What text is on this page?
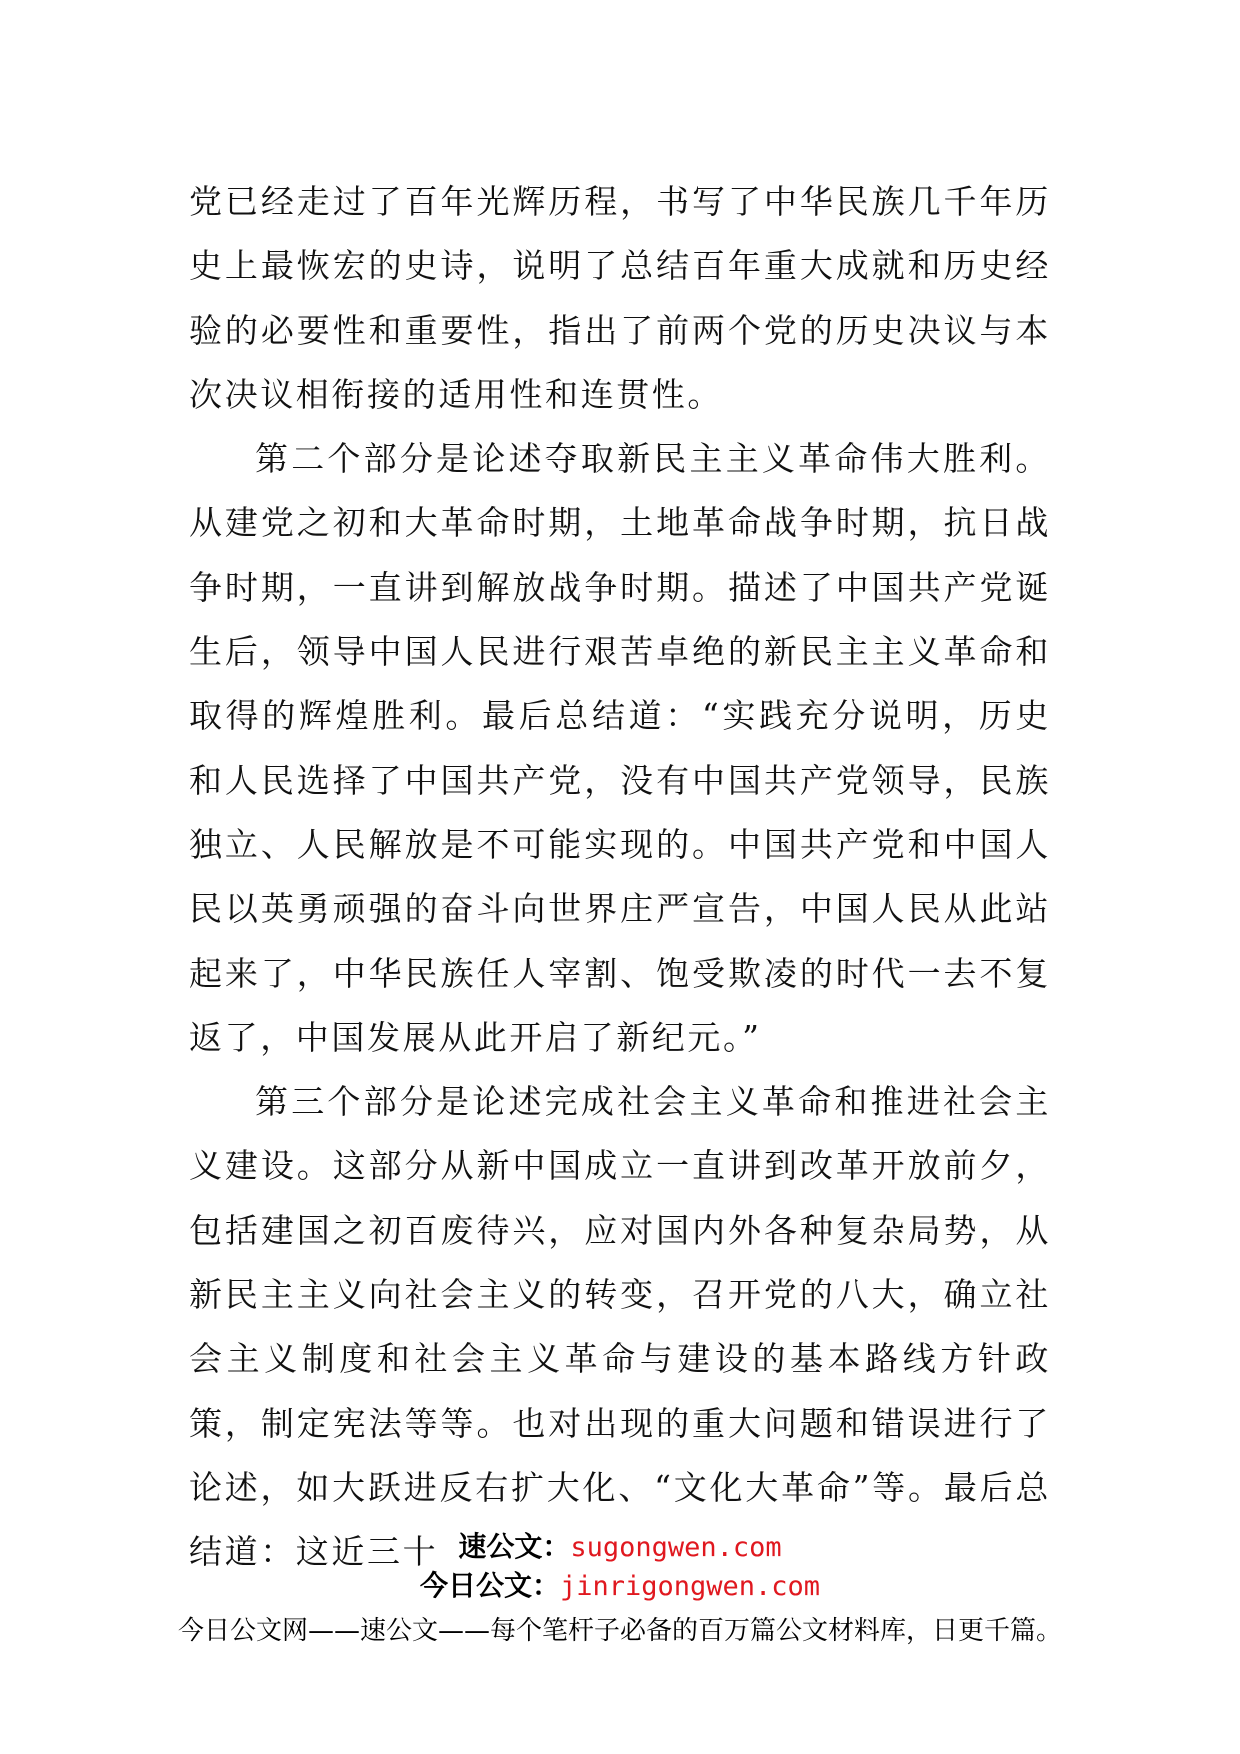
党已经走过了百年光辉历程，书写了中华民族几千年历史上最恢宏的史诗，说明了总结百年重大成就和历史经验的必要性和重要性，指出了前两个党的历史决议与本次决议相衔接的适用性和连贯性。

第二个部分是论述夺取新民主主义革命伟大胜利。从建党之初和大革命时期，土地革命战争时期，抗日战争时期，一直讲到解放战争时期。描述了中国共产党诞生后，领导中国人民进行艰苦卓绝的新民主主义革命和取得的辉煌胜利。最后总结道：“实践充分说明，历史和人民选择了中国共产党，没有中国共产党领导，民族独立、人民解放是不可能实现的。中国共产党和中国人民以英勇顽强的奋斗向世界庄严宣告，中国人民从此站起来了，中华民族任人宰割、饱受欺凌的时代一去不复返了，中国发展从此开启了新纪元。”

第三个部分是论述完成社会主义革命和推进社会主义建设。这部分从新中国成立一直讲到改革开放前夕，包括建国之初百废待兴，应对国内外各种复杂局势，从新民主主义向社会主义的转变，召开党的八大，确立社会主义制度和社会主义革命与建设的基本路线方针政策，制定宪法等等。也对出现的重大问题和错误进行了论述，如大跃进反右扩大化、“文化大革命”等。最后总结道：这近三十 速公文：sugongwen.com
今日公文：jinrigongwen.com
今日公文网——速公文——每个笔杆子必备的百万篇公文材料库，日更千篇。
